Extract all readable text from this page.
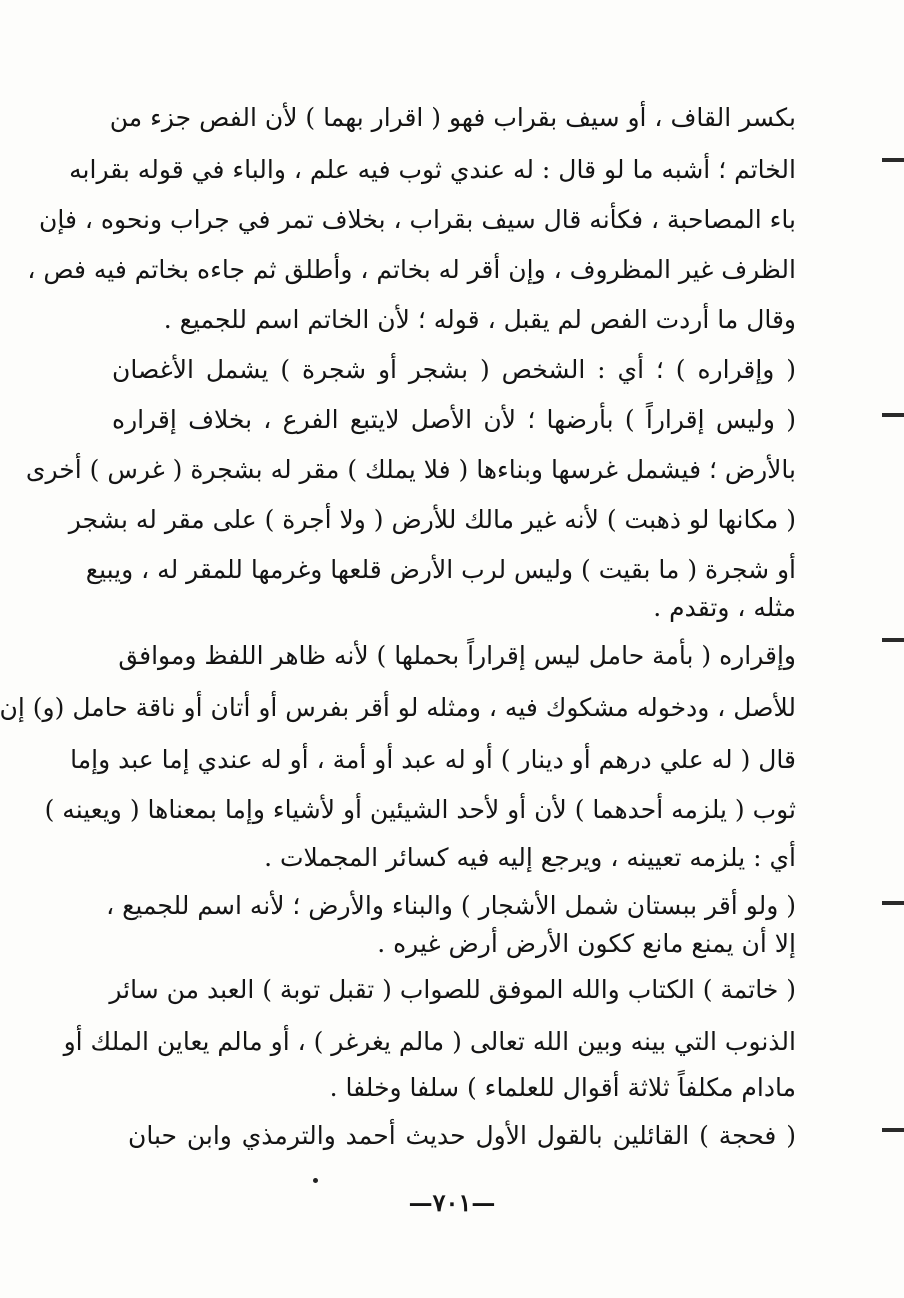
بكسر القاف ، أو سيف بقراب فهو ( اقرار بهما ) لأن الفص جزء من
الخاتم ؛ أشبه ما لو قال : له عندي ثوب فيه علم ، والباء في قوله بقرابه
باء المصاحبة ، فكأنه قال سيف بقراب ، بخلاف تمر في جراب ونحوه ، فإن
الظرف غير المظروف ، وإن أقر له بخاتم ، وأطلق ثم جاءه بخاتم فيه فص ،
وقال ما أردت الفص لم يقبل ، قوله ؛ لأن الخاتم اسم للجميع .
( وإقراره ) ؛ أي : الشخص ( بشجر أو شجرة ) يشمل الأغصان
( وليس إقراراً ) بأرضها ؛ لأن الأصل لايتبع الفرع ، بخلاف إقراره
بالأرض ؛ فيشمل غرسها وبناءها ( فلا يملك ) مقر له بشجرة ( غرس ) أخرى
( مكانها لو ذهبت ) لأنه غير مالك للأرض ( ولا أجرة ) على مقر له بشجر
أو شجرة ( ما بقيت ) وليس لرب الأرض قلعها وغرمها للمقر له ، ويبيع
مثله ، وتقدم .
وإقراره ( بأمة حامل ليس إقراراً بحملها ) لأنه ظاهر اللفظ وموافق
للأصل ، ودخوله مشكوك فيه ، ومثله لو أقر بفرس أو أتان أو ناقة حامل (و) إن
قال ( له علي درهم أو دينار ) أو له عبد أو أمة ، أو له عندي إما عبد وإما
ثوب ( يلزمه أحدهما ) لأن أو لأحد الشيئين أو لأشياء وإما بمعناها ( ويعينه )
أي : يلزمه تعيينه ، ويرجع إليه فيه كسائر المجملات .
( ولو أقر ببستان شمل الأشجار ) والبناء والأرض ؛ لأنه اسم للجميع ،
إلا أن يمنع مانع ككون الأرض أرض غيره .
( خاتمة ) الكتاب والله الموفق للصواب ( تقبل توبة ) العبد من سائر
الذنوب التي بينه وبين الله تعالى ( مالم يغرغر ) ، أو مالم يعاين الملك أو
مادام مكلفاً ثلاثة أقوال للعلماء ) سلفا وخلفا .
( فحجة ) القائلين بالقول الأول حديث أحمد والترمذي وابن حبان
—٧٠١—
